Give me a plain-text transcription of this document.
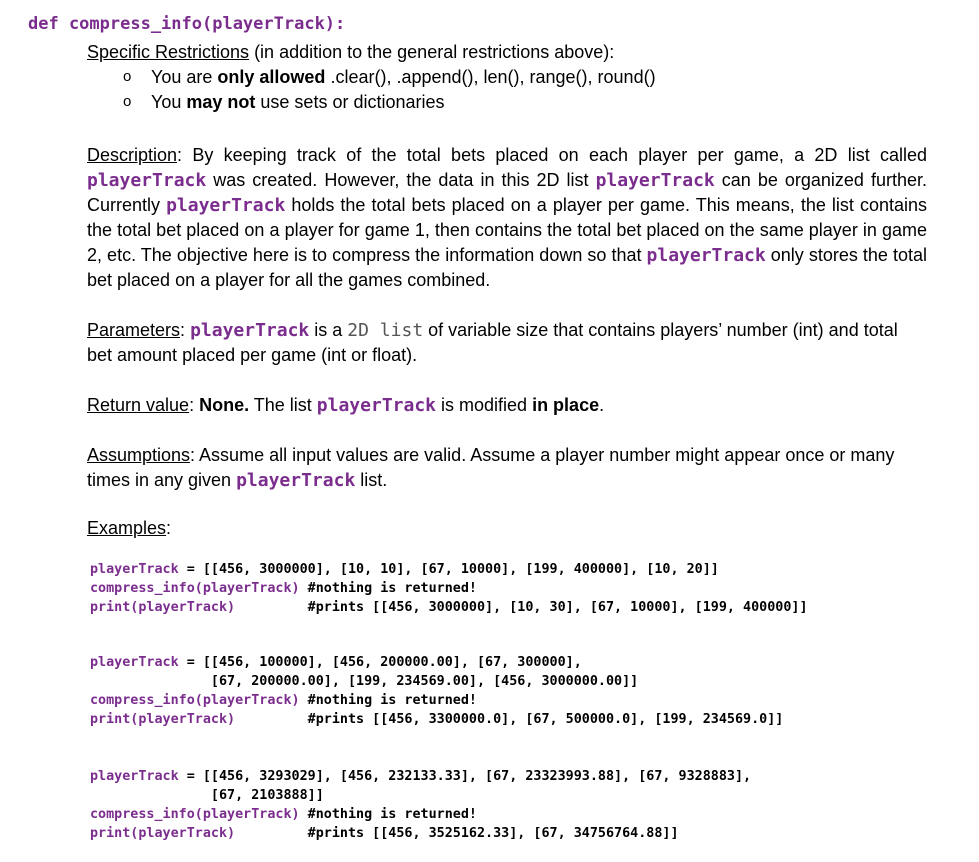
def compress_info(playerTrack):
Specific Restrictions (in addition to the general restrictions above):
o You are only allowed .clear(), .append(), len(), range(), round()
o You may not use sets or dictionaries
Description: By keeping track of the total bets placed on each player per game, a 2D list called playerTrack was created. However, the data in this 2D list playerTrack can be organized further. Currently playerTrack holds the total bets placed on a player per game. This means, the list contains the total bet placed on a player for game 1, then contains the total bet placed on the same player in game 2, etc. The objective here is to compress the information down so that playerTrack only stores the total bet placed on a player for all the games combined.
Parameters: playerTrack is a 2D list of variable size that contains players’ number (int) and total bet amount placed per game (int or float).
Return value: None. The list playerTrack is modified in place.
Assumptions: Assume all input values are valid. Assume a player number might appear once or many times in any given playerTrack list.
Examples:

playerTrack = [[456, 3000000], [10, 10], [67, 10000], [199, 400000], [10, 20]]
compress_info(playerTrack) #nothing is returned!
print(playerTrack)         #prints [[456, 3000000], [10, 30], [67, 10000], [199, 400000]]

playerTrack = [[456, 100000], [456, 200000.00], [67, 300000],
[67, 200000.00], [199, 234569.00], [456, 3000000.00]]
compress_info(playerTrack) #nothing is returned!
print(playerTrack)         #prints [[456, 3300000.0], [67, 500000.0], [199, 234569.0]]

playerTrack = [[456, 3293029], [456, 232133.33], [67, 23323993.88], [67, 9328883],
[67, 2103888]]
compress_info(playerTrack) #nothing is returned!
print(playerTrack)         #prints [[456, 3525162.33], [67, 34756764.88]]
